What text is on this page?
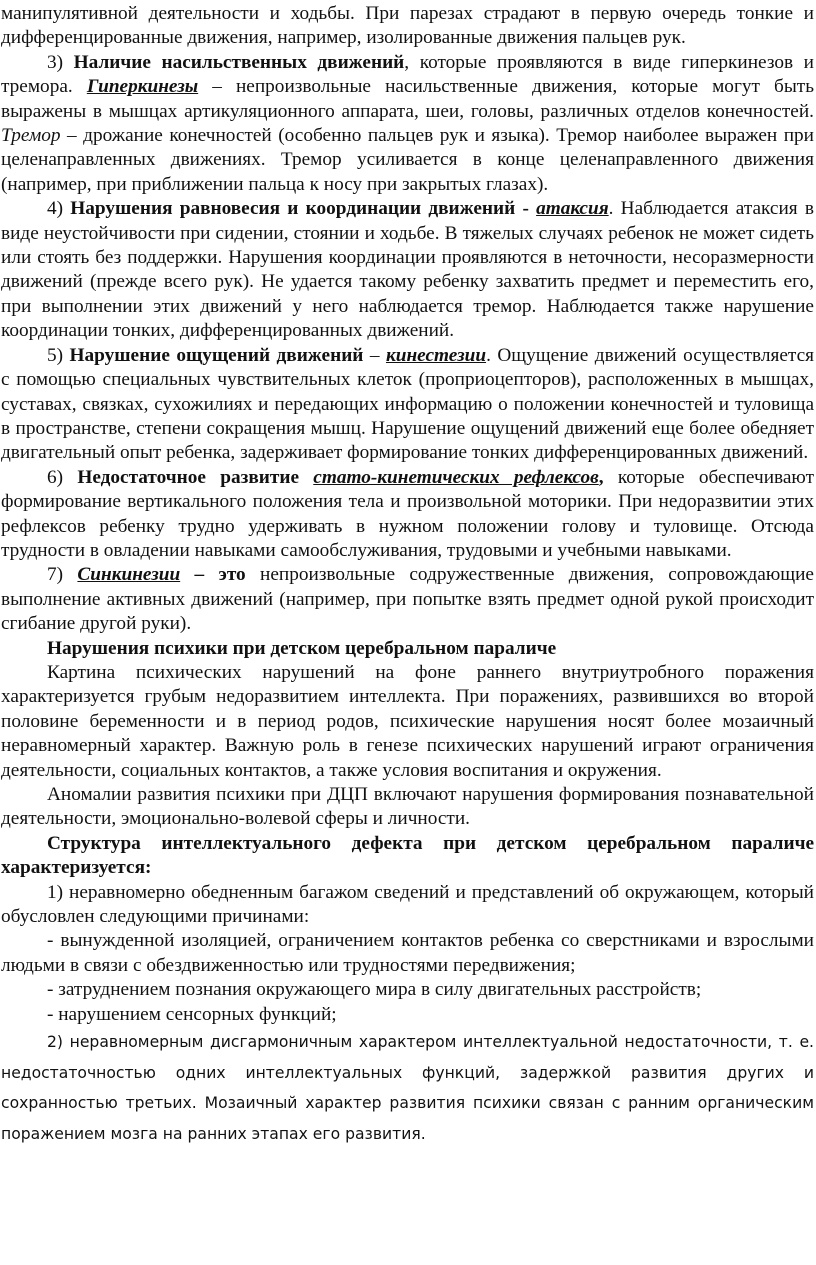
манипулятивной деятельности и ходьбы. При парезах страдают в первую очередь тонкие и дифференцированные движения, например, изолированные движения пальцев рук.

3) Наличие насильственных движений, которые проявляются в виде гиперкинезов и тремора. Гиперкинезы – непроизвольные насильственные движения, которые могут быть выражены в мышцах артикуляционного аппарата, шеи, головы, различных отделов конечностей. Тремор – дрожание конечностей (особенно пальцев рук и языка). Тремор наиболее выражен при целенаправленных движениях. Тремор усиливается в конце целенаправленного движения (например, при приближении пальца к носу при закрытых глазах).

4) Нарушения равновесия и координации движений - атаксия. Наблюдается атаксия в виде неустойчивости при сидении, стоянии и ходьбе. В тяжелых случаях ребенок не может сидеть или стоять без поддержки. Нарушения координации проявляются в неточности, несоразмерности движений (прежде всего рук). Не удается такому ребенку захватить предмет и переместить его, при выполнении этих движений у него наблюдается тремор. Наблюдается также нарушение координации тонких, дифференцированных движений.

5) Нарушение ощущений движений – кинестезии. Ощущение движений осуществляется с помощью специальных чувствительных клеток (проприоцепторов), расположенных в мышцах, суставах, связках, сухожилиях и передающих информацию о положении конечностей и туловища в пространстве, степени сокращения мышц. Нарушение ощущений движений еще более обедняет двигательный опыт ребенка, задерживает формирование тонких дифференцированных движений.

6) Недостаточное развитие стато-кинетических рефлексов, которые обеспечивают формирование вертикального положения тела и произвольной моторики. При недоразвитии этих рефлексов ребенку трудно удерживать в нужном положении голову и туловище. Отсюда трудности в овладении навыками самообслуживания, трудовыми и учебными навыками.

7) Синкинезии – это непроизвольные содружественные движения, сопровождающие выполнение активных движений (например, при попытке взять предмет одной рукой происходит сгибание другой руки).

Нарушения психики при детском церебральном параличе

Картина психических нарушений на фоне раннего внутриутробного поражения характеризуется грубым недоразвитием интеллекта. При поражениях, развившихся во второй половине беременности и в период родов, психические нарушения носят более мозаичный неравномерный характер. Важную роль в генезе психических нарушений играют ограничения деятельности, социальных контактов, а также условия воспитания и окружения.

Аномалии развития психики при ДЦП включают нарушения формирования познавательной деятельности, эмоционально-волевой сферы и личности.

Структура интеллектуального дефекта при детском церебральном параличе характеризуется:

1) неравномерно обедненным багажом сведений и представлений об окружающем, который обусловлен следующими причинами:

- вынужденной изоляцией, ограничением контактов ребенка со сверстниками и взрослыми людьми в связи с обездвиженностью или трудностями передвижения;

- затруднением познания окружающего мира в силу двигательных расстройств;

- нарушением сенсорных функций;

2) неравномерным дисгармоничным характером интеллектуальной недостаточности, т. е. недостаточностью одних интеллектуальных функций, задержкой развития других и сохранностью третьих. Мозаичный характер развития психики связан с ранним органическим поражением мозга на ранних этапах его развития.
